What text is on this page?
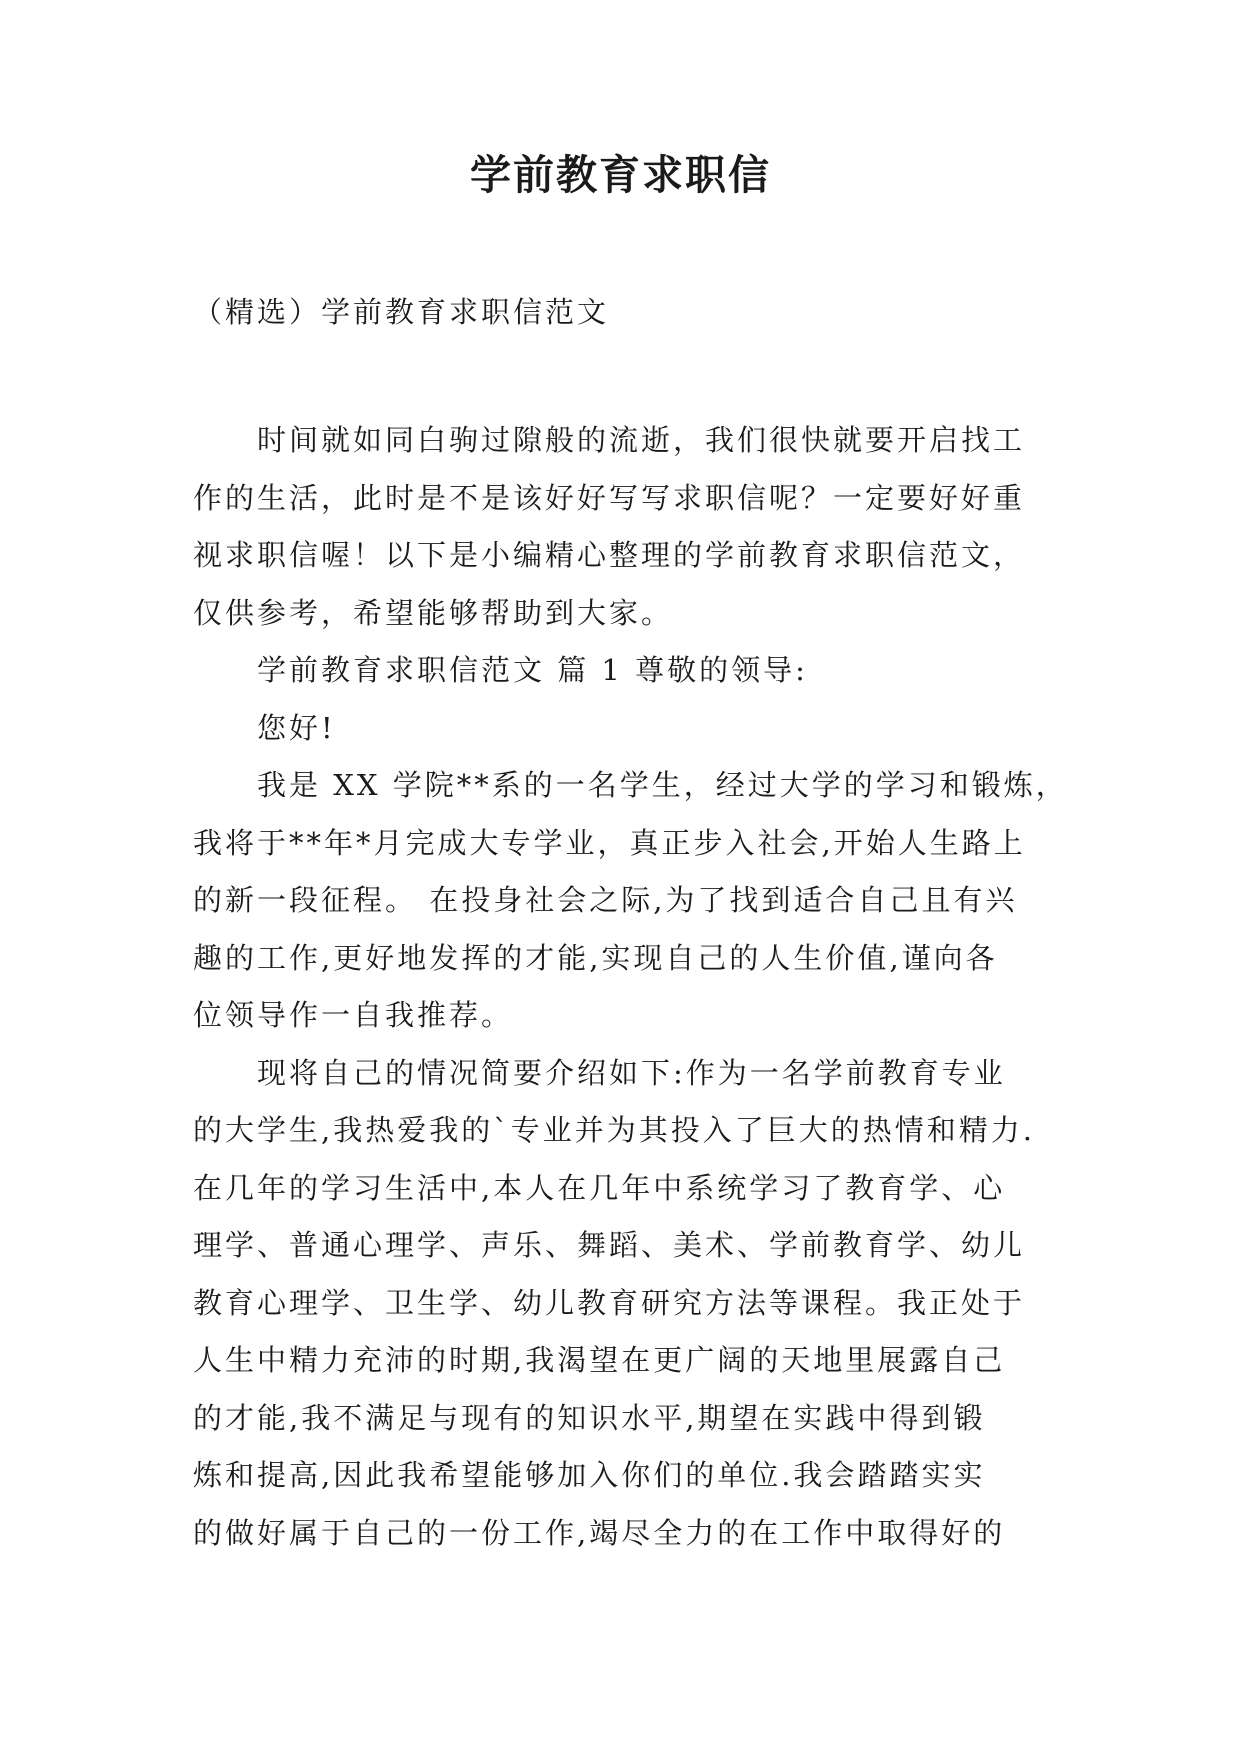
学前教育求职信

（精选）学前教育求职信范文

时间就如同白驹过隙般的流逝，我们很快就要开启找工

作的生活，此时是不是该好好写写求职信呢？一定要好好重

视求职信喔！以下是小编精心整理的学前教育求职信范文，

仅供参考，希望能够帮助到大家。

学前教育求职信范文 篇 1 尊敬的领导:

您好!

我是 XX 学院**系的一名学生，经过大学的学习和锻炼，

我将于**年*月完成大专学业，真正步入社会,开始人生路上

的新一段征程。 在投身社会之际,为了找到适合自己且有兴

趣的工作,更好地发挥的才能,实现自己的人生价值,谨向各

位领导作一自我推荐。

现将自己的情况简要介绍如下:作为一名学前教育专业

的大学生,我热爱我的`专业并为其投入了巨大的热情和精力.

在几年的学习生活中,本人在几年中系统学习了教育学、心

理学、普通心理学、声乐、舞蹈、美术、学前教育学、幼儿

教育心理学、卫生学、幼儿教育研究方法等课程。我正处于

人生中精力充沛的时期,我渴望在更广阔的天地里展露自己

的才能,我不满足与现有的知识水平,期望在实践中得到锻

炼和提高,因此我希望能够加入你们的单位.我会踏踏实实

的做好属于自己的一份工作,竭尽全力的在工作中取得好的
